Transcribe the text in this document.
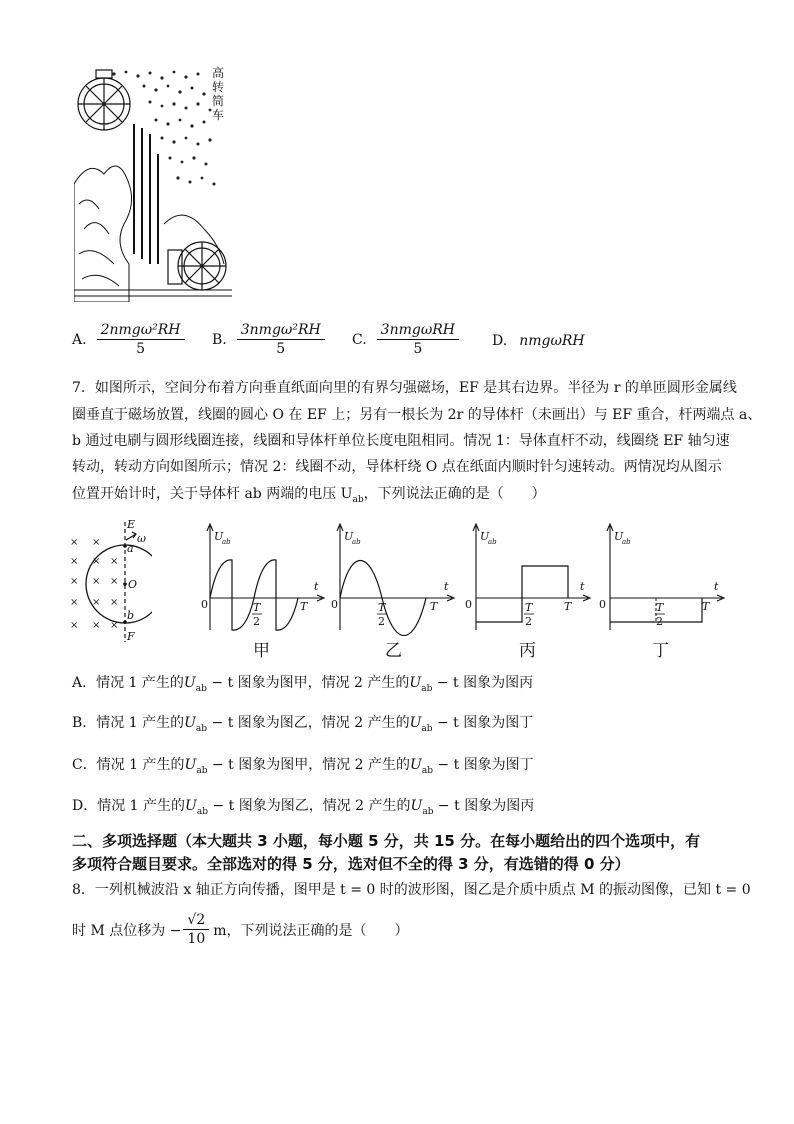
高
转
筒
车
A. $\frac{\text{2nmgω²RH}}{5} B$. $\frac{\text{3nmgω²RH}}{5} C$. $\frac{\text{3nmgωRH}}{5} D$. nmgωRH
7．如图所示，空间分布着方向垂直纸面向里的有界匀强磁场，EF 是其右边界。半径为 r 的单匝圆形金属线
圈垂直于磁场放置，线圈的圆心 O 在 EF 上；另有一根长为 2r 的导体杆（未画出）与 EF 重合，杆两端点 a、
b 通过电刷与圆形线圈连接，线圈和导体杆单位长度电阻相同。情况 1：导体直杆不动，线圈绕 EF 轴匀速
转动，转动方向如图所示；情况 2：线圈不动，导体杆绕 O 点在纸面内顺时针匀速转动。两情况均从图示
位置开始计时，关于导体杆 ab 两端的电压 $U_{ab}$，下列说法正确的是（　　）
×
×
×
×
×
×
×
×
×
×
×
×
×
×
E
ω
a
O
b
F
U
ab
t
0	T
2
T
U
ab
t
0	T
2
T
U
ab
t
0	T
2
T
U
ab
t
0	T
2
T
甲	乙	丙	丁
A．情况 1 产生的$U_{ab} - t$ 图象为图甲，情况 2 产生的$U_{ab} - t$ 图象为图丙
B．情况 1 产生的$U_{ab} - t$ 图象为图乙，情况 2 产生的$U_{ab} - t$ 图象为图丁
C．情况 1 产生的$U_{ab} - t$ 图象为图甲，情况 2 产生的$U_{ab} - t$ 图象为图丁
D．情况 1 产生的$U_{ab} - t$ 图象为图乙，情况 2 产生的$U_{ab} - t$ 图象为图丙
二、多项选择题（本大题共 3 小题，每小题 5 分，共 15 分。在每小题给出的四个选项中，有
多项符合题目要求。全部选对的得 5 分，选对但不全的得 3 分，有选错的得 0 分）
8．一列机械波沿 x 轴正方向传播，图甲是 t = 0 时的波形图，图乙是介质中质点 M 的振动图像，已知 t = 0
时 M 点位移为 − $\frac{√2}{10}$ m，下列说法正确的是（　　）
